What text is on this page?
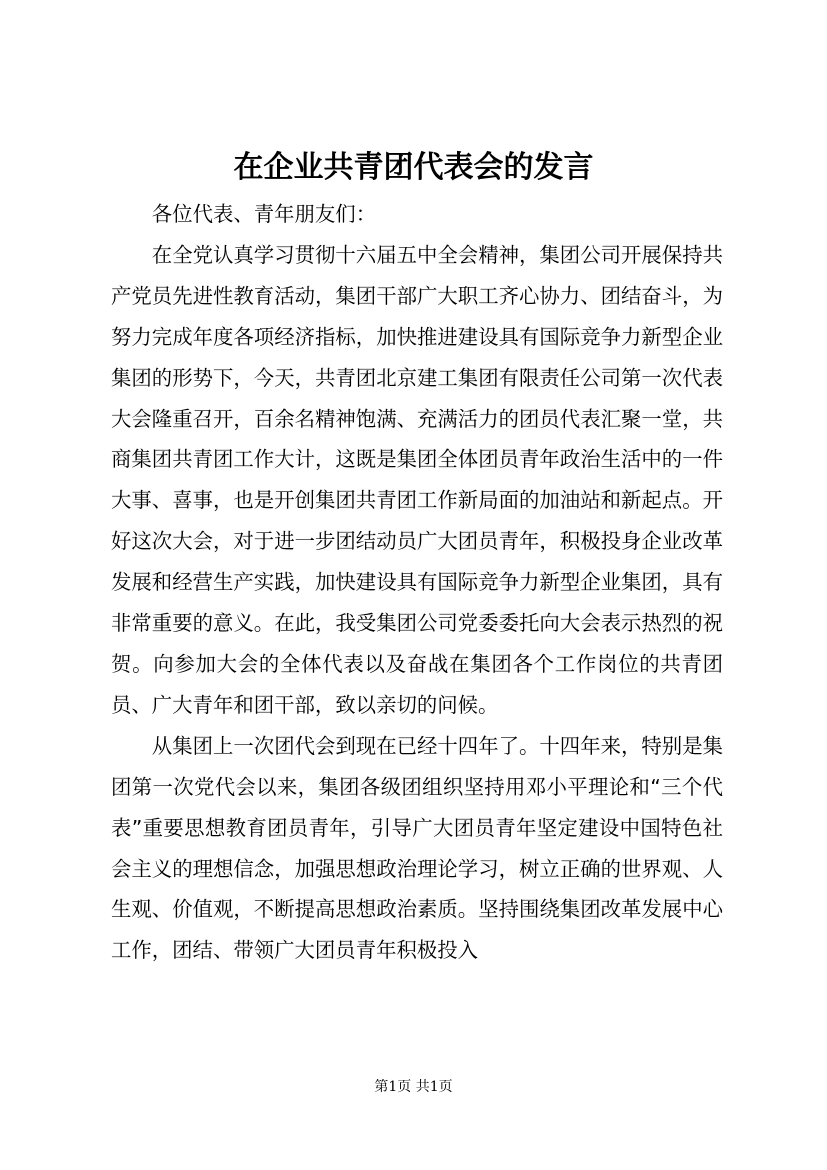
在企业共青团代表会的发言

各位代表、青年朋友们：

在全党认真学习贯彻十六届五中全会精神，集团公司开展保持共产党员先进性教育活动，集团干部广大职工齐心协力、团结奋斗，为努力完成年度各项经济指标，加快推进建设具有国际竞争力新型企业集团的形势下，今天，共青团北京建工集团有限责任公司第一次代表大会隆重召开，百余名精神饱满、充满活力的团员代表汇聚一堂，共商集团共青团工作大计，这既是集团全体团员青年政治生活中的一件大事、喜事，也是开创集团共青团工作新局面的加油站和新起点。开好这次大会，对于进一步团结动员广大团员青年，积极投身企业改革发展和经营生产实践，加快建设具有国际竞争力新型企业集团，具有非常重要的意义。在此，我受集团公司党委委托向大会表示热烈的祝贺。向参加大会的全体代表以及奋战在集团各个工作岗位的共青团员、广大青年和团干部，致以亲切的问候。

从集团上一次团代会到现在已经十四年了。十四年来，特别是集团第一次党代会以来，集团各级团组织坚持用邓小平理论和“三个代表”重要思想教育团员青年，引导广大团员青年坚定建设中国特色社会主义的理想信念，加强思想政治理论学习，树立正确的世界观、人生观、价值观，不断提高思想政治素质。坚持围绕集团改革发展中心工作，团结、带领广大团员青年积极投入

第1页 共1页
